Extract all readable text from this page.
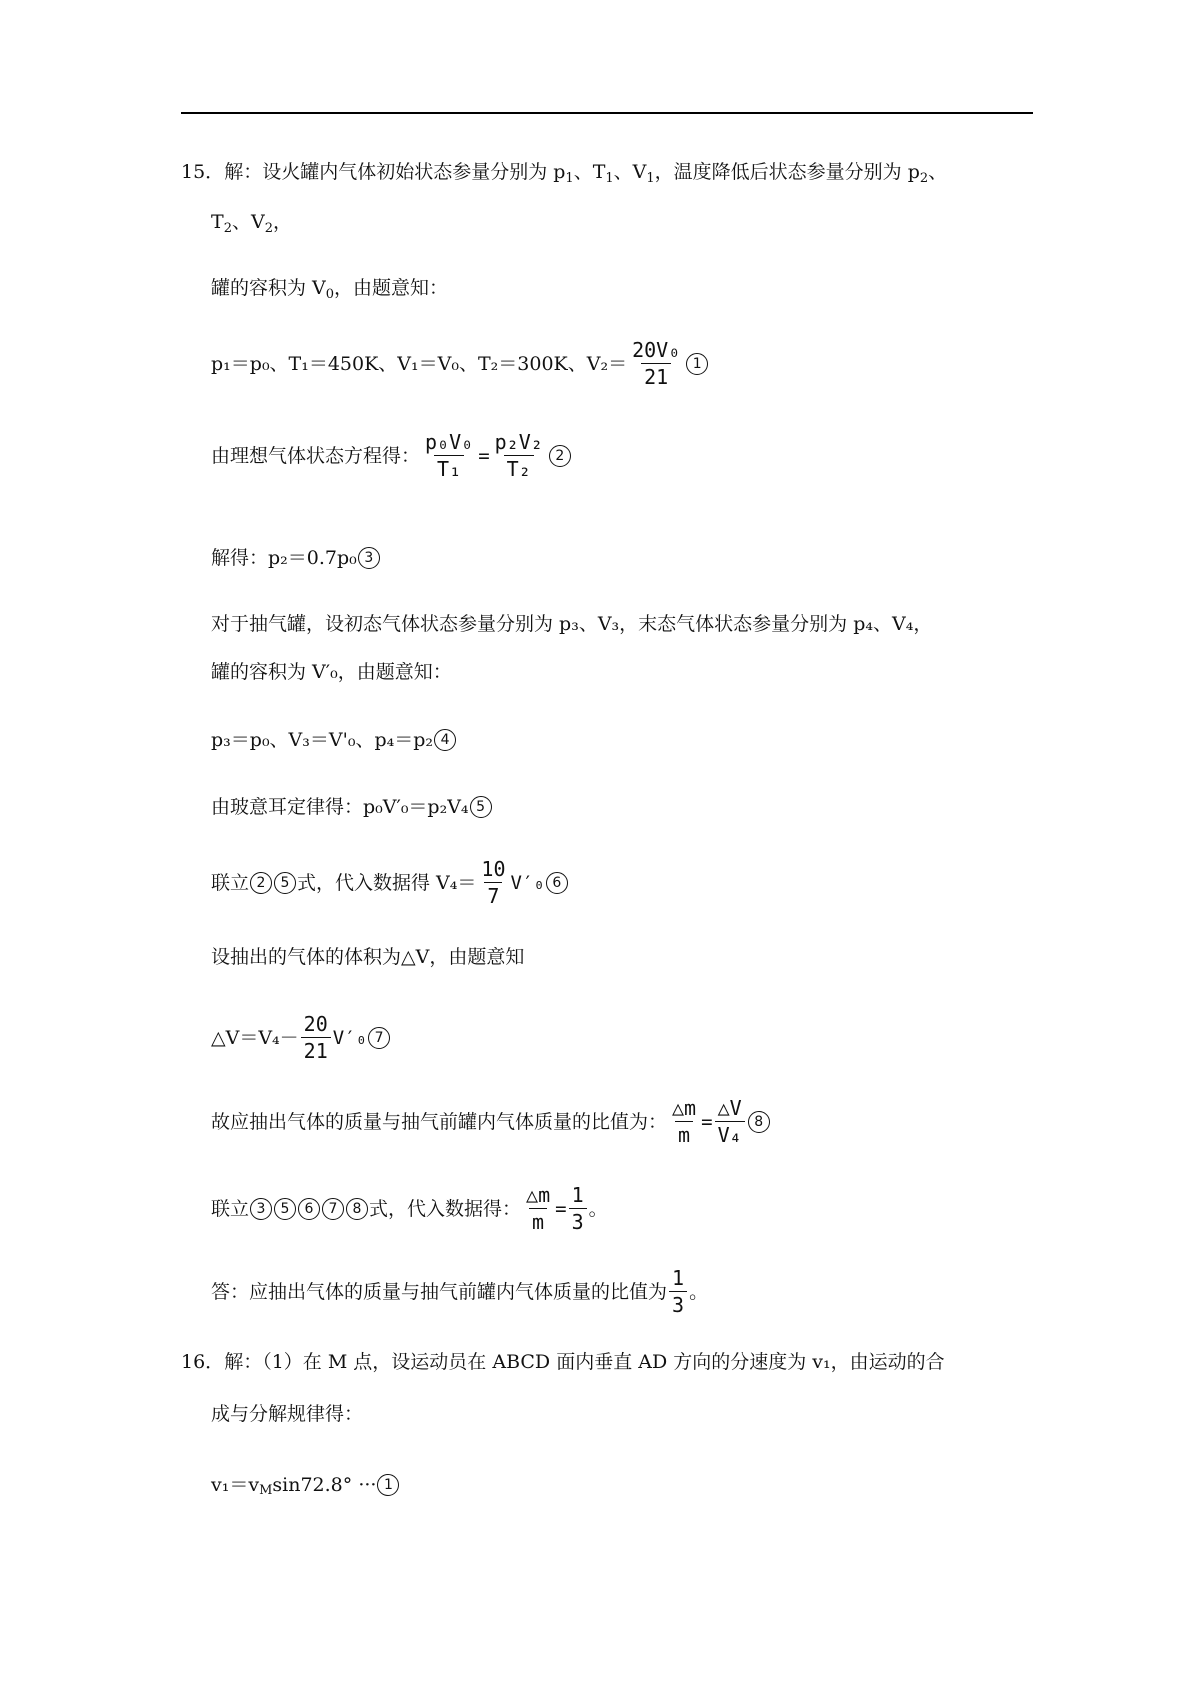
15．解：设火罐内气体初始状态参量分别为 $p_1$、$T_1$、$V_1$，温度降低后状态参量分别为 $p_2$、
$T_2$、$V_2$，
罐的容积为 $V_0$，由题意知：
p₁＝p₀、T₁＝450K、V₁＝V₀、T₂＝300K、$V_2= \frac{\text{20V₀}}{21} 1$
由理想气体状态方程得： $\frac{\text{p₀V₀}}{\text{T₁}} = \frac{\text{p₂V₂}}{\text{T₂}} 2$
解得：p₂＝0.7p₀ 3
对于抽气罐，设初态气体状态参量分别为 p₃、V₃，末态气体状态参量分别为 p₄、V₄，
罐的容积为 V′₀，由题意知：
p₃＝p₀、V₃＝V'₀、p₄＝p₂ 4
由玻意耳定律得：p₀V′₀＝p₂V₄ 5
联立 2 5 式，代入数据得 $V_4= \frac{10}{7} V'_0$ 6
设抽出的气体的体积为△V，由题意知
△V＝V₄－ $\frac{20}{21} V'_0$ 7
故应抽出气体的质量与抽气前罐内气体质量的比值为： $\frac{\triangle m}{m} = \frac{\triangle V}{\text{V₄}} 8$
联立 3 5 6 7 8 式，代入数据得： $\frac{\triangle m}{m} = \frac{1}{3}$ 。
答：应抽出气体的质量与抽气前罐内气体质量的比值为 $\frac{1}{3}$ 。
16．解：（1）在 M 点，设运动员在 ABCD 面内垂直 AD 方向的分速度为 v₁，由运动的合
成与分解规律得：
$v_1=v_M\sin 72.8^\circ$ ··· 1
